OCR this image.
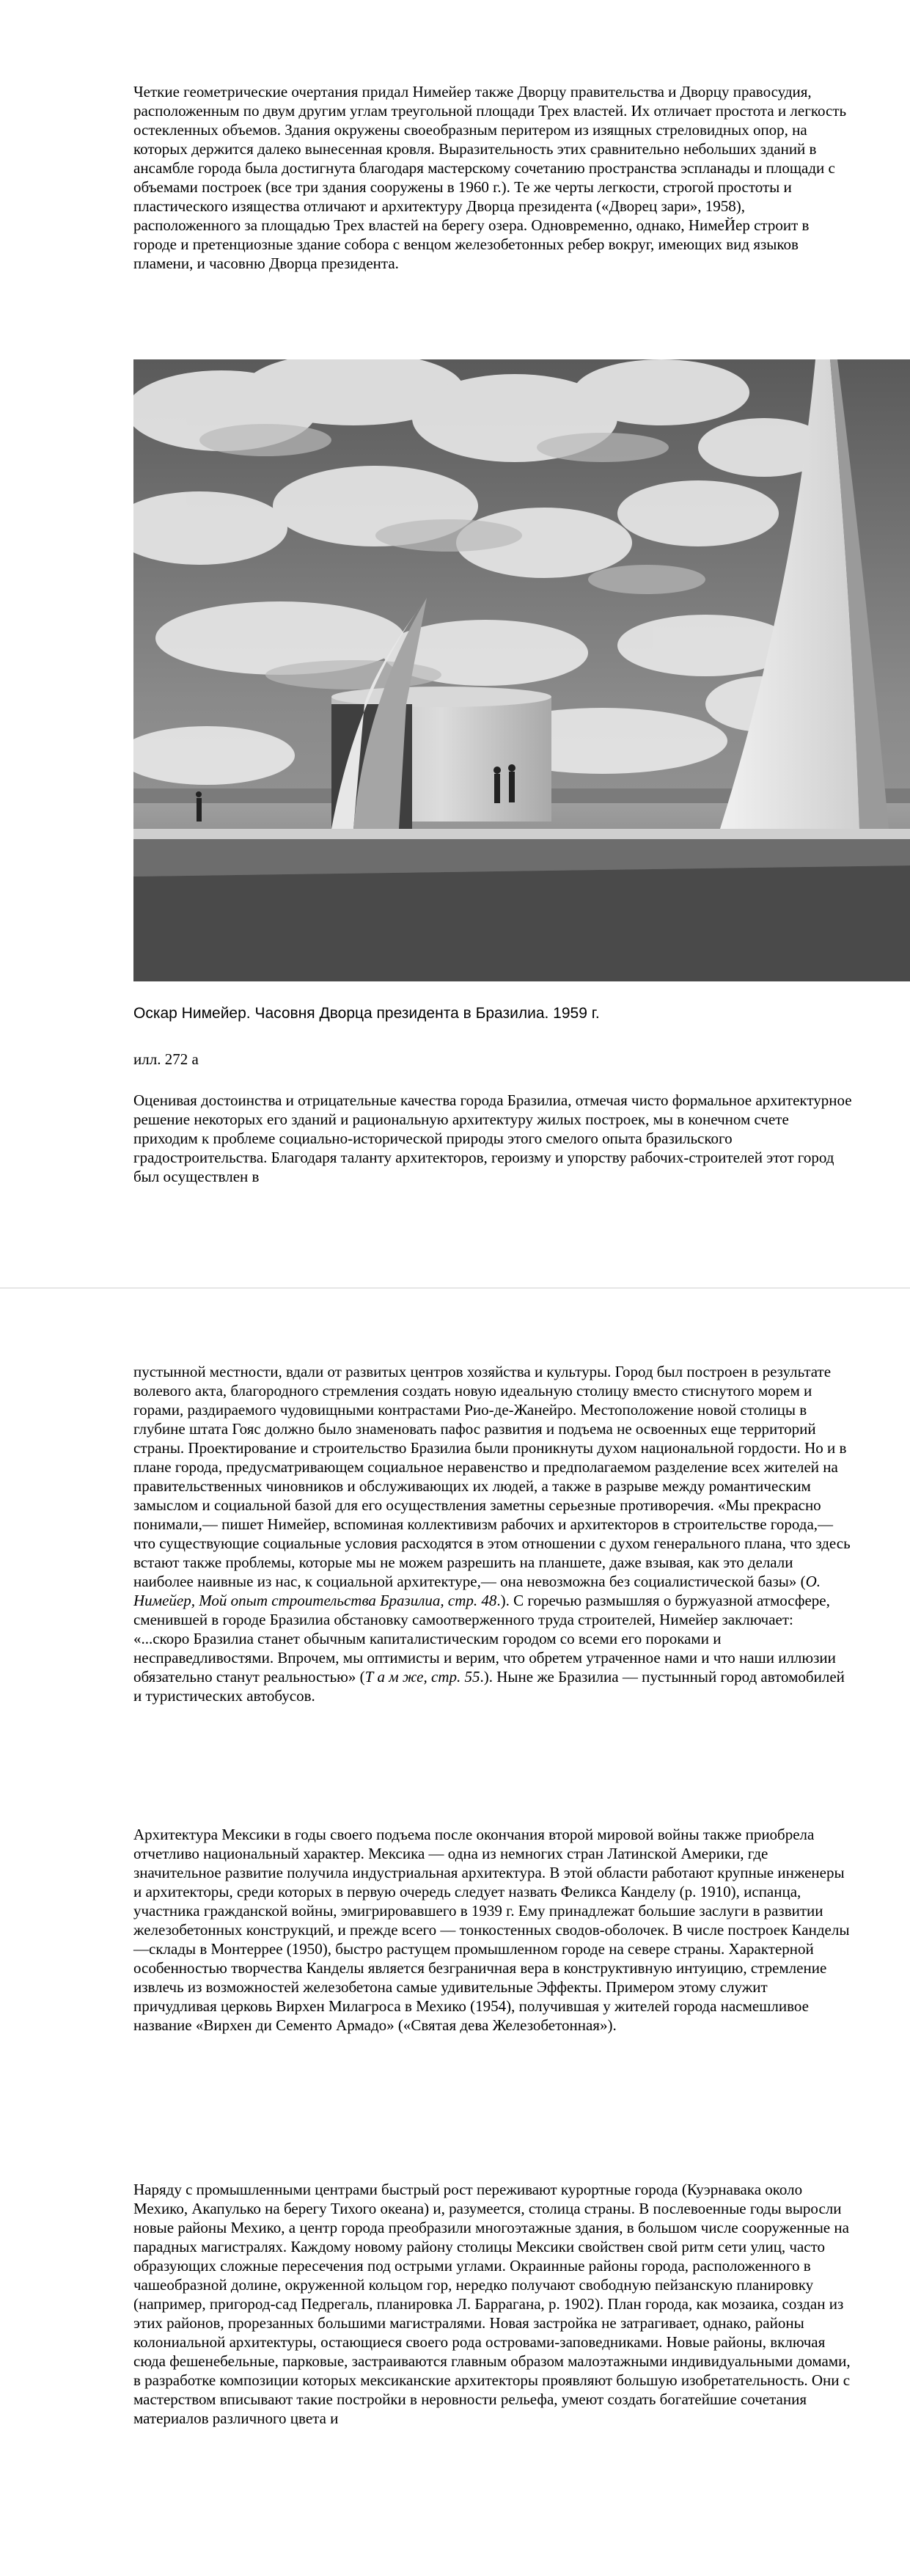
Четкие геометрические очертания придал Нимейер также Дворцу правительства и Дворцу правосудия, расположенным по двум другим углам треугольной площади Трех властей. Их отличает простота и легкость остекленных объемов. Здания окружены своеобразным перитером из изящных стреловидных опор, на которых держится далеко вынесенная кровля. Выразительность этих сравнительно небольших зданий в ансамбле города была достигнута благодаря мастерскому сочетанию пространства эспланады и площади с объемами построек (все три здания сооружены в 1960 г.). Те же черты легкости, строгой простоты и пластического изящества отличают и архитектуру Дворца президента («Дворец зари», 1958), расположенного за площадью Трех властей на берегу озера. Одновременно, однако, НимеЙер строит в городе и претенциозные здание собора с венцом железобетонных ребер вокруг, имеющих вид языков пламени, и часовню Дворца президента.

Оскар Нимейер. Часовня Дворца президента в Бразилиа. 1959 г.
илл. 272 а

Оценивая достоинства и отрицательные качества города Бразилиа, отмечая чисто формальное архитектурное решение некоторых его зданий и рациональную архитектуру жилых построек, мы в конечном счете приходим к проблеме социально-исторической природы этого смелого опыта бразильского градостроительства. Благодаря таланту архитекторов, героизму и упорству рабочих-строителей этот город был осуществлен в

пустынной местности, вдали от развитых центров хозяйства и культуры. Город был построен в результате волевого акта, благородного стремления создать новую идеальную столицу вместо стиснутого морем и горами, раздираемого чудовищными контрастами Рио-де-Жанейро. Местоположение новой столицы в глубине штата Гояс должно было знаменовать пафос развития и подъема не освоенных еще территорий страны. Проектирование и строительство Бразилиа были проникнуты духом национальной гордости. Но и в плане города, предусматривающем социальное неравенство и предполагаемом разделение всех жителей на правительственных чиновников и обслуживающих их людей, а также в разрыве между романтическим замыслом и социальной базой для его осуществления заметны серьезные противоречия. «Мы прекрасно понимали,— пишет Нимейер, вспоминая коллективизм рабочих и архитекторов в строительстве города,— что существующие социальные условия расходятся в этом отношении с духом генерального плана, что здесь встают также проблемы, которые мы не можем разрешить на планшете, даже взывая, как это делали наиболее наивные из нас, к социальной архитектуре,— она невозможна без социалистической базы» (О. Нимейер, Мой опыт строительства Бразилиа, стр. 48.). С горечью размышляя о буржуазной атмосфере, сменившей в городе Бразилиа обстановку самоотверженного труда строителей, Нимейер заключает: «...скоро Бразилиа станет обычным капиталистическим городом со всеми его пороками и несправедливостями. Впрочем, мы оптимисты и верим, что обретем утраченное нами и что наши иллюзии обязательно станут реальностью» (Т а м же, стр. 55.). Ныне же Бразилиа — пустынный город автомобилей и туристических автобусов.

Архитектура Мексики в годы своего подъема после окончания второй мировой войны также приобрела отчетливо национальный характер. Мексика — одна из немногих стран Латинской Америки, где значительное развитие получила индустриальная архитектура. В этой области работают крупные инженеры и архитекторы, среди которых в первую очередь следует назвать Феликса Канделу (р. 1910), испанца, участника гражданской войны, эмигрировавшего в 1939 г. Ему принадлежат большие заслуги в развитии железобетонных конструкций, и прежде всего — тонкостенных сводов-оболочек. В числе построек Канделы —склады в Монтеррее (1950), быстро растущем промышленном городе на севере страны. Характерной особенностью творчества Канделы является безграничная вера в конструктивную интуицию, стремление извлечь из возможностей железобетона самые удивительные Эффекты. Примером этому служит причудливая церковь Вирхен Милагроса в Мехико (1954), получившая у жителей города насмешливое название «Вирхен ди Сементо Армадо» («Святая дева Железобетонная»).

Наряду с промышленными центрами быстрый рост переживают курортные города (Куэрнавака около Мехико, Акапулько на берегу Тихого океана) и, разумеется, столица страны. В послевоенные годы выросли новые районы Мехико, а центр города преобразили многоэтажные здания, в большом числе сооруженные на парадных магистралях. Каждому новому району столицы Мексики свойствен свой ритм сети улиц, часто образующих сложные пересечения под острыми углами. Окраинные районы города, расположенного в чашеобразной долине, окруженной кольцом гор, нередко получают свободную пейзанскую планировку (например, пригород-сад Педрегаль, планировка Л. Баррагана, р. 1902). План города, как мозаика, создан из этих районов, прорезанных большими магистралями. Новая застройка не затрагивает, однако, районы колониальной архитектуры, остающиеся своего рода островами-заповедниками. Новые районы, включая сюда фешенебельные, парковые, застраиваются главным образом малоэтажными индивидуальными домами, в разработке композиции которых мексиканские архитекторы проявляют большую изобретательность. Они с мастерством вписывают такие постройки в неровности рельефа, умеют создать богатейшие сочетания материалов различного цвета и
